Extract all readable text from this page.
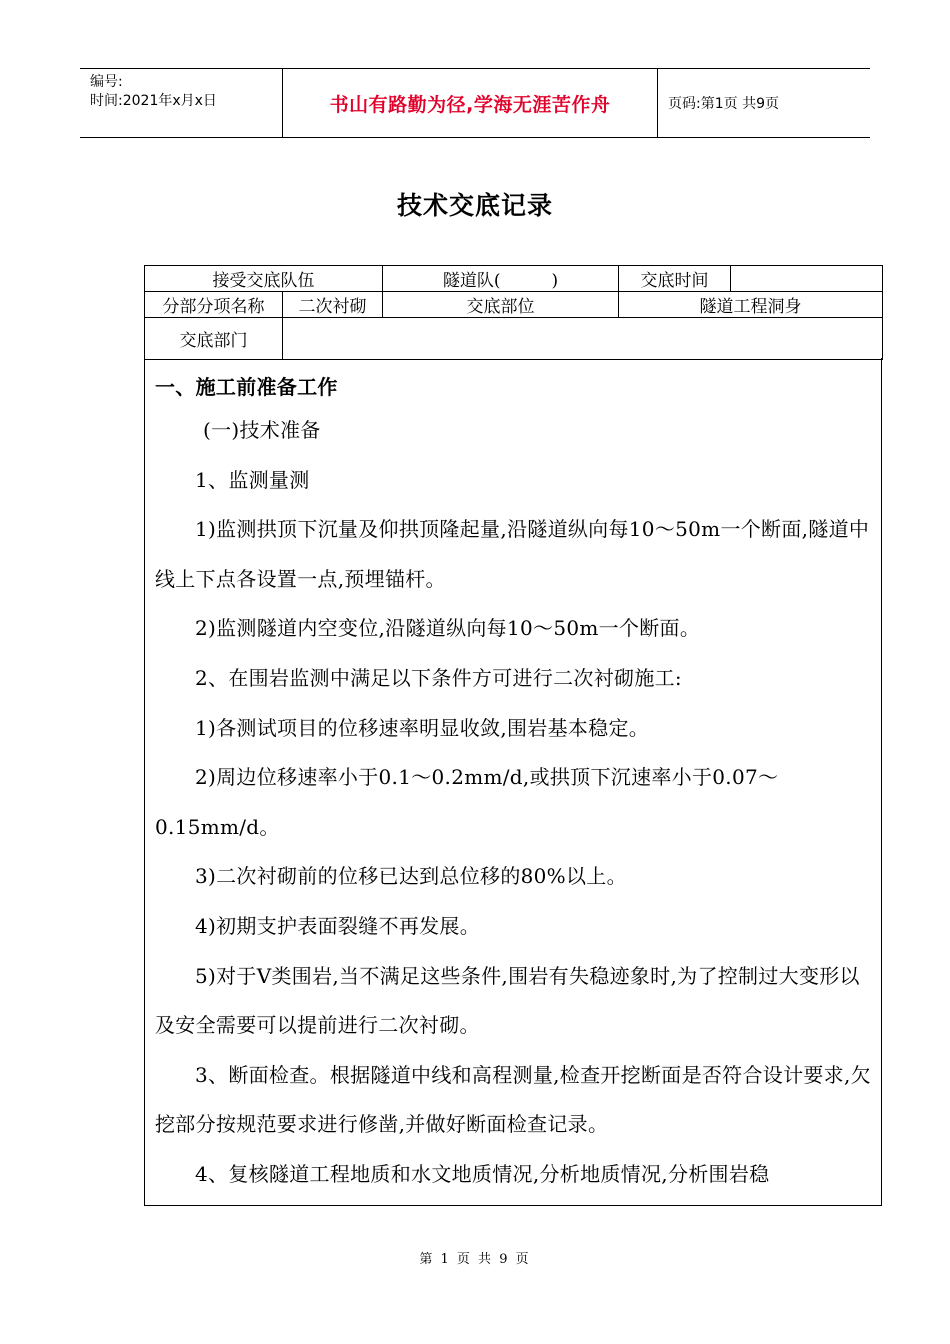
编号:
时间:2021年x月x日	书山有路勤为径,学海无涯苦作舟	页码:第1页 共9页
技术交底记录
接受交底队伍		隧道队(　　　)	交底时间	
分部分项名称	二次衬砌	交底部位	隧道工程洞身	
交底部门				

一、施工前准备工作

(一)技术准备

1、监测量测

1)监测拱顶下沉量及仰拱顶隆起量,沿隧道纵向每10～50m一个断面,隧道中线上下点各设置一点,预埋锚杆。

2)监测隧道内空变位,沿隧道纵向每10～50m一个断面。

2、在围岩监测中满足以下条件方可进行二次衬砌施工:

1)各测试项目的位移速率明显收敛,围岩基本稳定。

2)周边位移速率小于0.1～0.2mm/d,或拱顶下沉速率小于0.07～0.15mm/d。

3)二次衬砌前的位移已达到总位移的80%以上。

4)初期支护表面裂缝不再发展。

5)对于Ⅴ类围岩,当不满足这些条件,围岩有失稳迹象时,为了控制过大变形以及安全需要可以提前进行二次衬砌。

3、断面检查。根据隧道中线和高程测量,检查开挖断面是否符合设计要求,欠挖部分按规范要求进行修凿,并做好断面检查记录。

4、复核隧道工程地质和水文地质情况,分析地质情况,分析围岩稳

第 1 页 共 9 页
